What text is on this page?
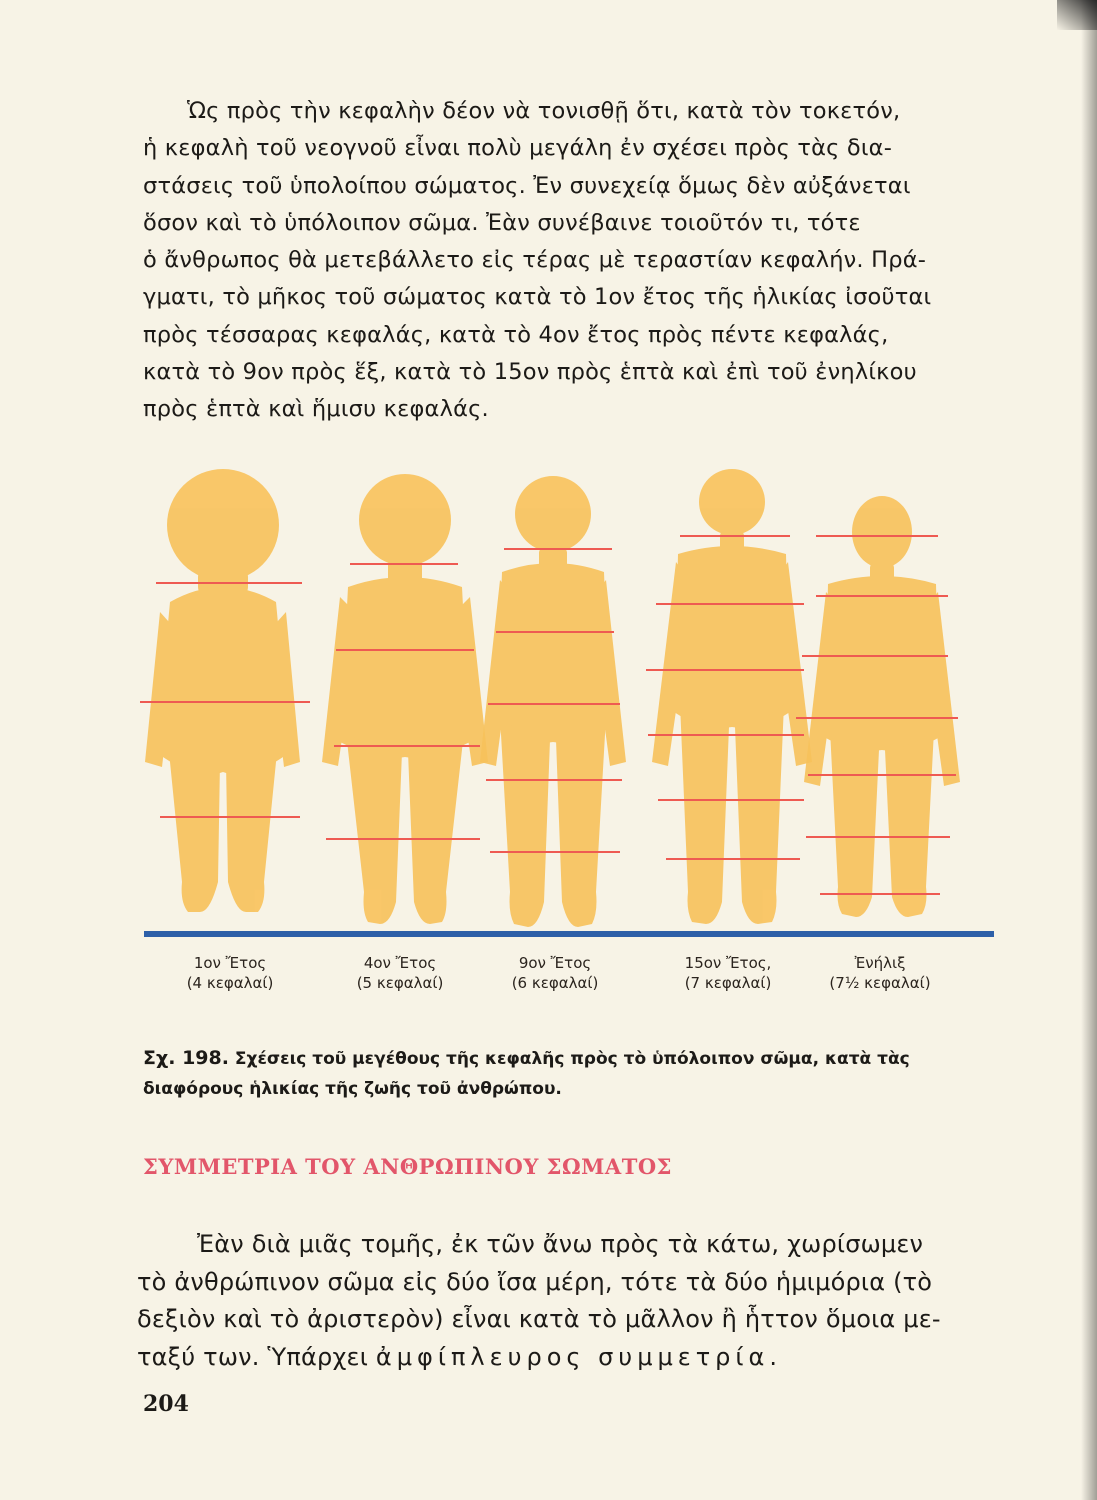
Ὡς πρὸς τὴν κεφαλὴν δέον νὰ τονισθῇ ὅτι, κατὰ τὸν τοκετόν,
ἡ κεφαλὴ τοῦ νεογνοῦ εἶναι πολὺ μεγάλη ἐν σχέσει πρὸς τὰς δια-
στάσεις τοῦ ὑπολοίπου σώματος. Ἐν συνεχείᾳ ὅμως δὲν αὐξάνεται
ὅσον καὶ τὸ ὑπόλοιπον σῶμα. Ἐὰν συνέβαινε τοιοῦτόν τι, τότε
ὁ ἄνθρωπος θὰ μετεβάλλετο εἰς τέρας μὲ τεραστίαν κεφαλήν. Πρά-
γματι, τὸ μῆκος τοῦ σώματος κατὰ τὸ 1ον ἔτος τῆς ἡλικίας ἰσοῦται
πρὸς τέσσαρας κεφαλάς, κατὰ τὸ 4ον ἔτος πρὸς πέντε κεφαλάς,
κατὰ τὸ 9ον πρὸς ἕξ, κατὰ τὸ 15ον πρὸς ἑπτὰ καὶ ἐπὶ τοῦ ἐνηλίκου
πρὸς ἑπτὰ καὶ ἥμισυ κεφαλάς.

1ον Ἔτος
(4 κεφαλαί)
4ον Ἔτος
(5 κεφαλαί)
9ον Ἔτος
(6 κεφαλαί)
15ον Ἔτος,
(7 κεφαλαί)
Ἐνήλιξ
(7½ κεφαλαί)
Σχ. 198. Σχέσεις τοῦ μεγέθους τῆς κεφαλῆς πρὸς τὸ ὑπόλοιπον σῶμα, κατὰ τὰς διαφόρους ἡλικίας τῆς ζωῆς τοῦ ἀνθρώπου.
ΣΥΜΜΕΤΡΙΑ ΤΟΥ ΑΝΘΡΩΠΙΝΟΥ ΣΩΜΑΤΟΣ

Ἐὰν διὰ μιᾶς τομῆς, ἐκ τῶν ἄνω πρὸς τὰ κάτω, χωρίσωμεν
τὸ ἀνθρώπινον σῶμα εἰς δύο ἴσα μέρη, τότε τὰ δύο ἡμιμόρια (τὸ
δεξιὸν καὶ τὸ ἀριστερὸν) εἶναι κατὰ τὸ μᾶλλον ἢ ἧττον ὅμοια με-
ταξύ των. Ὑπάρχει ἀμφίπλευρος συμμετρία.

204
